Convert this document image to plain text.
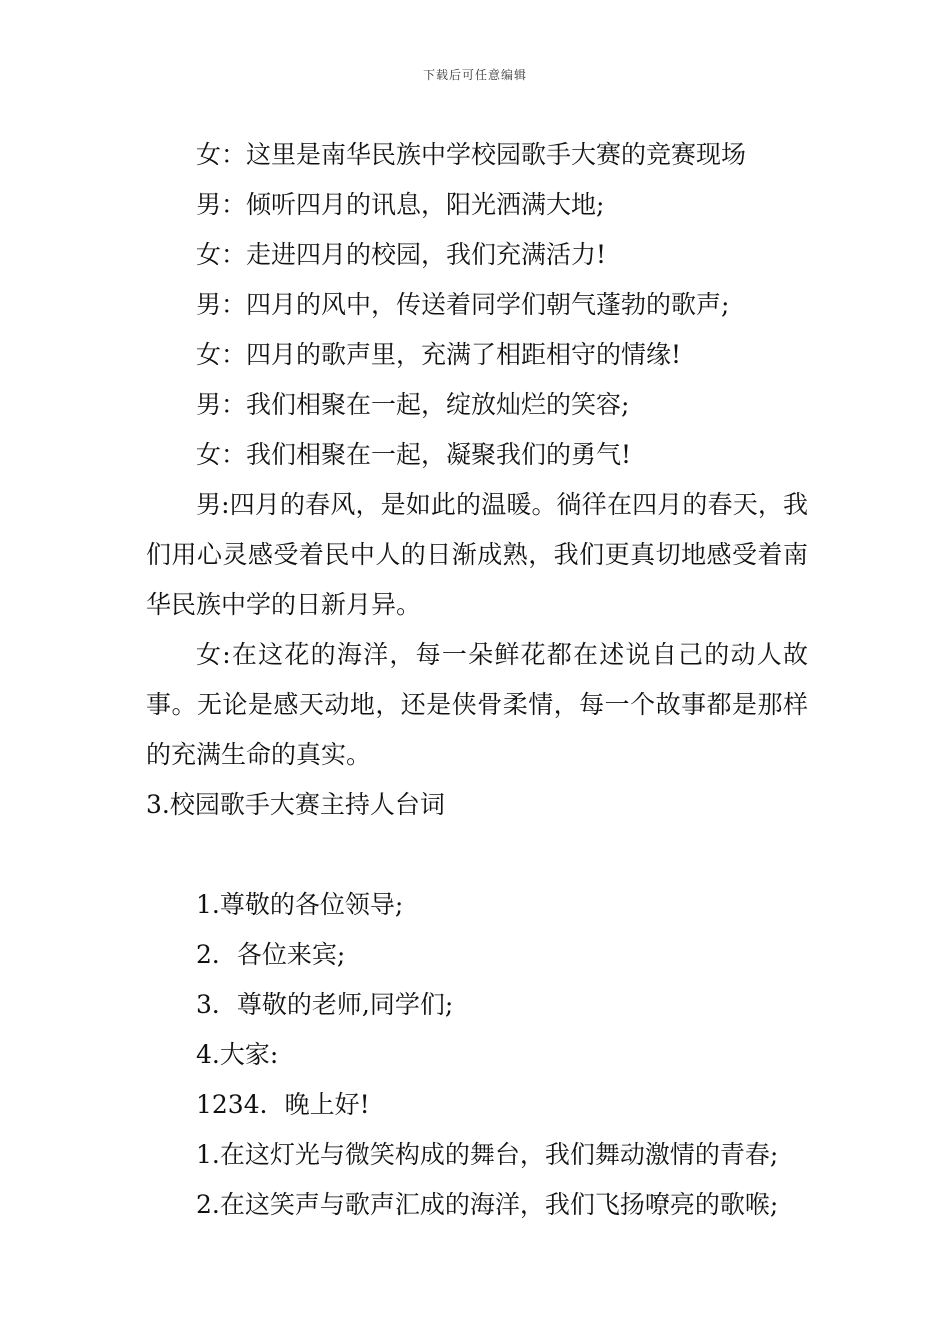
下载后可任意编辑

女：这里是南华民族中学校园歌手大赛的竞赛现场

男：倾听四月的讯息，阳光洒满大地;

女：走进四月的校园，我们充满活力!

男：四月的风中，传送着同学们朝气蓬勃的歌声;

女：四月的歌声里，充满了相距相守的情缘!

男：我们相聚在一起，绽放灿烂的笑容;

女：我们相聚在一起，凝聚我们的勇气!

男:四月的春风，是如此的温暖。徜徉在四月的春天，我们用心灵感受着民中人的日渐成熟，我们更真切地感受着南华民族中学的日新月异。

女:在这花的海洋，每一朵鲜花都在述说自己的动人故事。无论是感天动地，还是侠骨柔情，每一个故事都是那样的充满生命的真实。

3.校园歌手大赛主持人台词

1.尊敬的各位领导;

2．各位来宾;

3．尊敬的老师,同学们;

4.大家:

1234．晚上好!

1.在这灯光与微笑构成的舞台，我们舞动激情的青春;

2.在这笑声与歌声汇成的海洋，我们飞扬嘹亮的歌喉;
